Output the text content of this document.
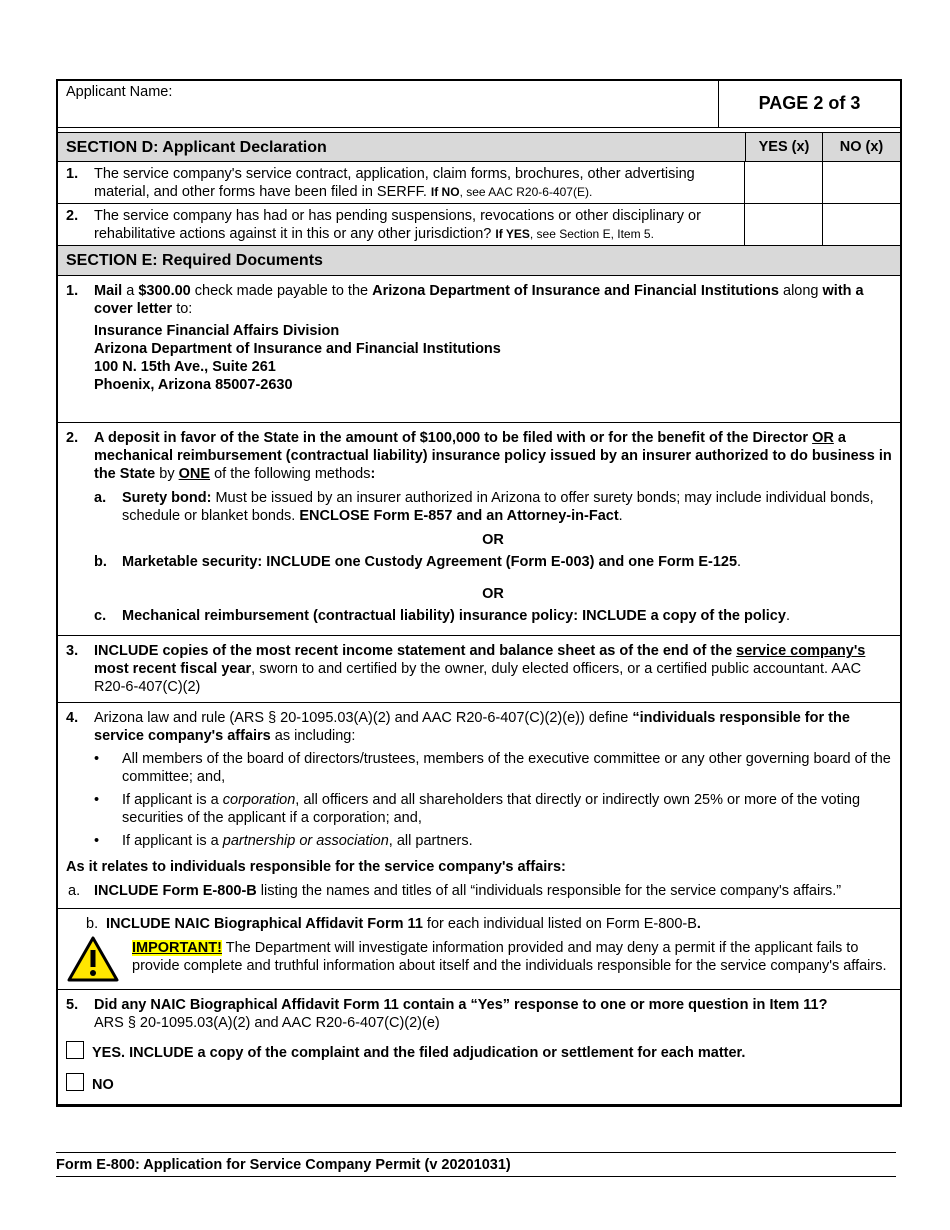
Applicant Name:
PAGE 2 of 3
SECTION D: Applicant Declaration	YES (x)	NO (x)
1.	The service company's service contract, application, claim forms, brochures, other advertising material, and other forms have been filed in SERFF. If NO, see AAC R20-6-407(E).
2.	The service company has had or has pending suspensions, revocations or other disciplinary or rehabilitative actions against it in this or any other jurisdiction? If YES, see Section E, Item 5.
SECTION E: Required Documents
1.	Mail a $300.00 check made payable to the Arizona Department of Insurance and Financial Institutions along with a cover letter to:
Insurance Financial Affairs Division
Arizona Department of Insurance and Financial Institutions
100 N. 15th Ave., Suite 261
Phoenix, Arizona 85007-2630
2.	A deposit in favor of the State in the amount of $100,000 to be filed with or for the benefit of the Director OR a mechanical reimbursement (contractual liability) insurance policy issued by an insurer authorized to do business in the State by ONE of the following methods:
a.	Surety bond: Must be issued by an insurer authorized in Arizona to offer surety bonds; may include individual bonds, schedule or blanket bonds. ENCLOSE Form E-857 and an Attorney-in-Fact.
OR
b.	Marketable security: INCLUDE one Custody Agreement (Form E-003) and one Form E-125.
OR
c.	Mechanical reimbursement (contractual liability) insurance policy: INCLUDE a copy of the policy.
3.	INCLUDE copies of the most recent income statement and balance sheet as of the end of the service company's most recent fiscal year, sworn to and certified by the owner, duly elected officers, or a certified public accountant. AAC R20-6-407(C)(2)
4.	Arizona law and rule (ARS § 20-1095.03(A)(2) and AAC R20-6-407(C)(2)(e)) define “individuals responsible for the service company's affairs as including:
•	All members of the board of directors/trustees, members of the executive committee or any other governing board of the committee; and,
•	If applicant is a corporation, all officers and all shareholders that directly or indirectly own 25% or more of the voting securities of the applicant if a corporation; and,
•	If applicant is a partnership or association, all partners.
As it relates to individuals responsible for the service company's affairs:
a. INCLUDE Form E-800-B listing the names and titles of all “individuals responsible for the service company's affairs.”
b. INCLUDE NAIC Biographical Affidavit Form 11 for each individual listed on Form E-800-B.
IMPORTANT! The Department will investigate information provided and may deny a permit if the applicant fails to provide complete and truthful information about itself and the individuals responsible for the service company's affairs.
5.	Did any NAIC Biographical Affidavit Form 11 contain a “Yes” response to one or more question in Item 11?
ARS § 20-1095.03(A)(2) and AAC R20-6-407(C)(2)(e)
YES. INCLUDE a copy of the complaint and the filed adjudication or settlement for each matter.
NO
Form E-800: Application for Service Company Permit (v 20201031)
